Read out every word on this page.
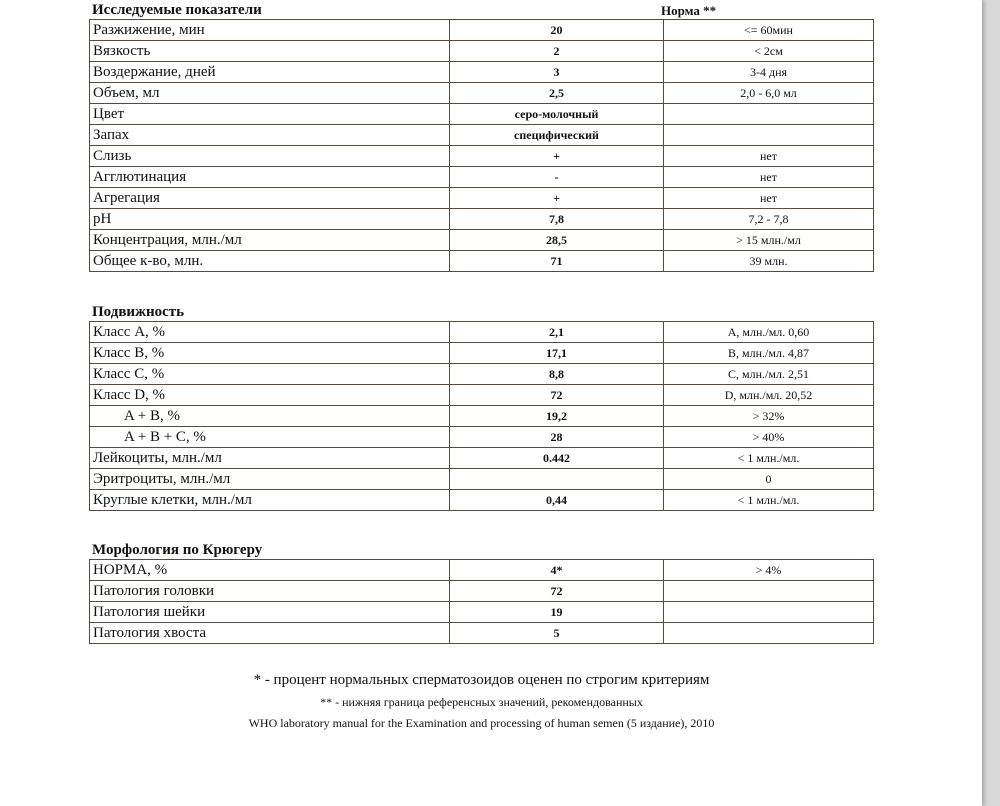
Исследуемые показатели	Норма **
Разжижение, мин	20	<= 60мин
Вязкость	2	< 2см
Воздержание, дней	3	3-4 дня
Объем, мл	2,5	2,0 - 6,0 мл
Цвет	серо-молочный	
Запах	специфический	
Слизь	+	нет
Агглютинация	-	нет
Агрегация	+	нет
pH	7,8	7,2 - 7,8
Концентрация, млн./мл	28,5	> 15 млн./мл
Общее к-во, млн.	71	39 млн.
Подвижность
Класс A, %	2,1	A, млн./мл. 0,60
Класс B, %	17,1	B, млн./мл. 4,87
Класс C, %	8,8	C, млн./мл. 2,51
Класс D, %	72	D, млн./мл. 20,52
A + B, %	19,2	> 32%
A + B + C, %	28	> 40%
Лейкоциты, млн./мл	0.442	< 1 млн./мл.
Эритроциты, млн./мл		0
Круглые клетки, млн./мл	0,44	< 1 млн./мл.
Морфология по Крюгеру
НОРМА, %	4*	> 4%
Патология головки	72	
Патология шейки	19	
Патология хвоста	5	
* - процент нормальных сперматозоидов оценен по строгим критериям
** - нижняя граница референсных значений, рекомендованных
WHO laboratory manual for the Examination and processing of human semen (5 издание), 2010
